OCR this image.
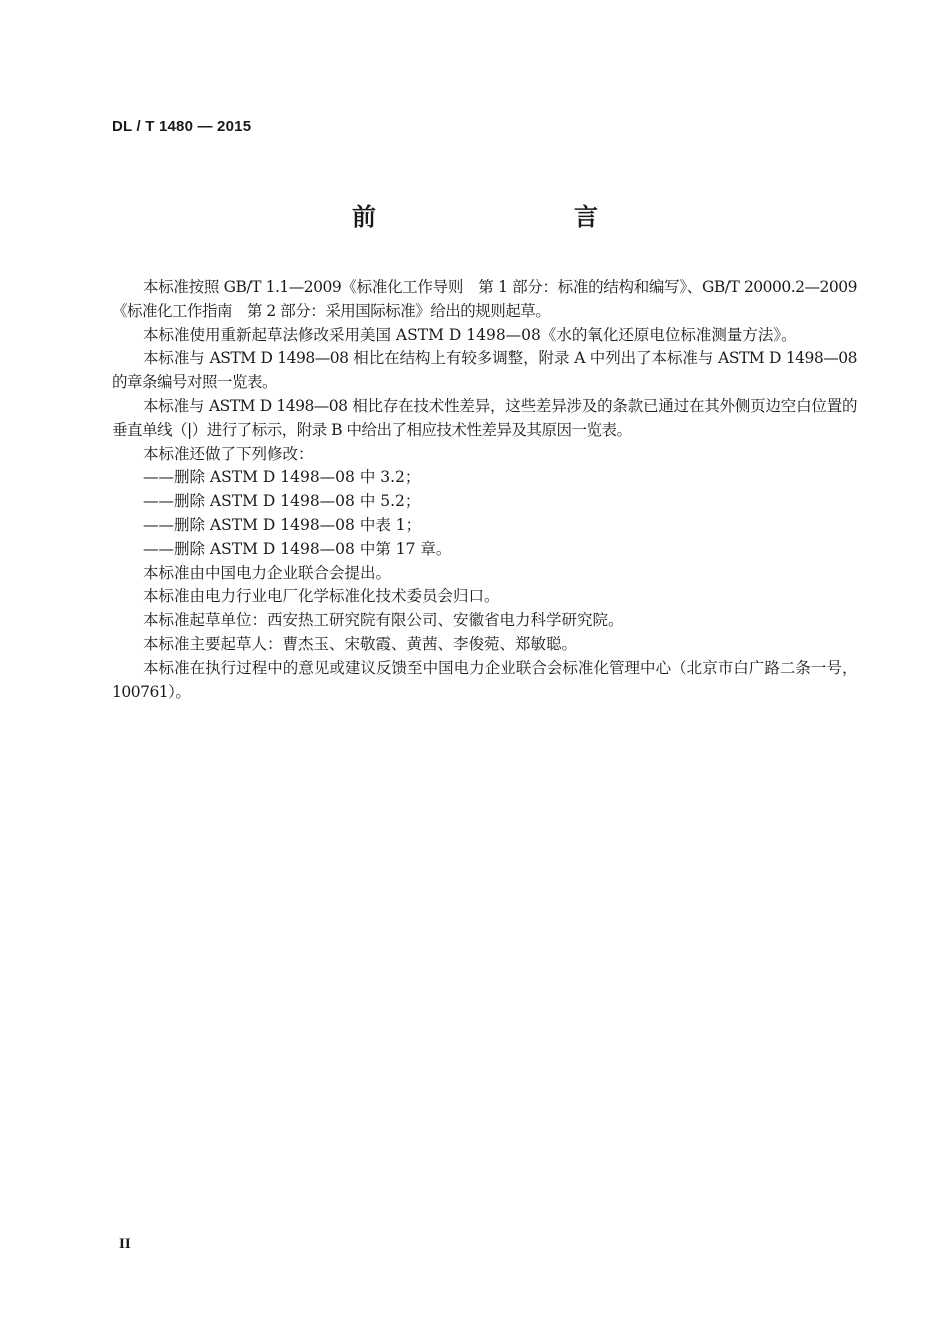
DL / T 1480 — 2015
前　　言

本标准按照 GB/T 1.1—2009《标准化工作导则　第 1 部分：标准的结构和编写》、GB/T 20000.2—2009《标准化工作指南　第 2 部分：采用国际标准》给出的规则起草。

本标准使用重新起草法修改采用美国 ASTM D 1498—08《水的氧化还原电位标准测量方法》。

本标准与 ASTM D 1498—08 相比在结构上有较多调整，附录 A 中列出了本标准与 ASTM D 1498—08 的章条编号对照一览表。

本标准与 ASTM D 1498—08 相比存在技术性差异，这些差异涉及的条款已通过在其外侧页边空白位置的垂直单线（|）进行了标示，附录 B 中给出了相应技术性差异及其原因一览表。

本标准还做了下列修改：

——删除 ASTM D 1498—08 中 3.2；

——删除 ASTM D 1498—08 中 5.2；

——删除 ASTM D 1498—08 中表 1；

——删除 ASTM D 1498—08 中第 17 章。

本标准由中国电力企业联合会提出。

本标准由电力行业电厂化学标准化技术委员会归口。

本标准起草单位：西安热工研究院有限公司、安徽省电力科学研究院。

本标准主要起草人：曹杰玉、宋敬霞、黄茜、李俊菀、郑敏聪。

本标准在执行过程中的意见或建议反馈至中国电力企业联合会标准化管理中心（北京市白广路二条一号，100761）。

II
